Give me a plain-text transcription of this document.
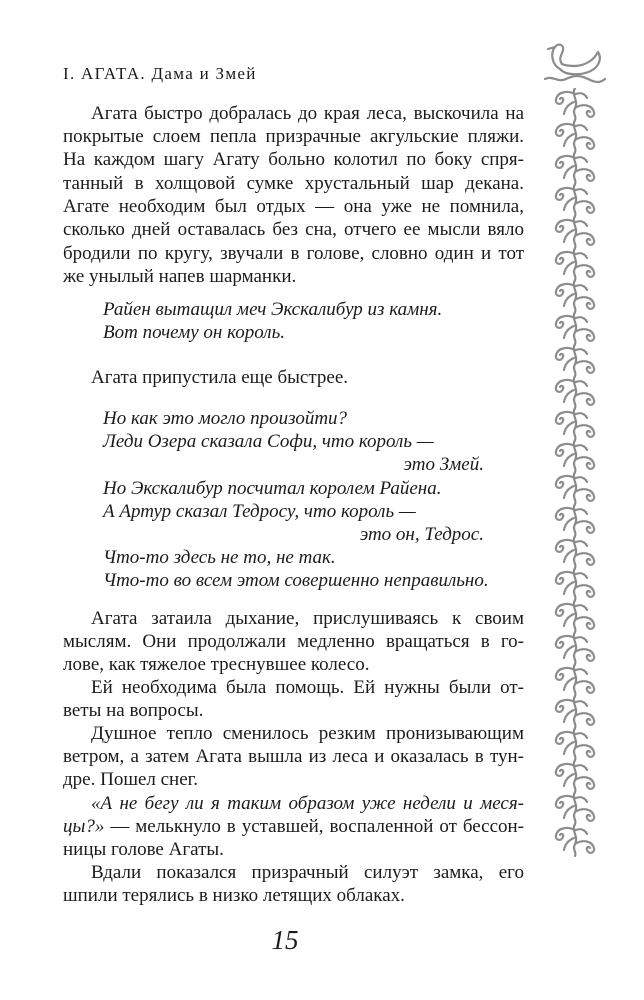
I. АГАТА. Дама и Змей
Агата быстро добралась до края леса, выскочила на
покрытые слоем пепла призрачные акгульские пляжи.
На каждом шагу Агату больно колотил по боку спря-
танный в холщовой сумке хрустальный шар декана.
Агате необходим был отдых — она уже не помнила,
сколько дней оставалась без сна, отчего ее мысли вяло
бродили по кругу, звучали в голове, словно один и тот
же унылый напев шарманки.
Райен вытащил меч Экскалибур из камня.
Вот почему он король.
Агата припустила еще быстрее.
Но как это могло произойти?
Леди Озера сказала Софи, что король —
это Змей.
Но Экскалибур посчитал королем Райена.
А Артур сказал Тедросу, что король —
это он, Тедрос.
Что-то здесь не то, не так.
Что-то во всем этом совершенно неправильно.
Агата затаила дыхание, прислушиваясь к своим
мыслям. Они продолжали медленно вращаться в го-
лове, как тяжелое треснувшее колесо.
Ей необходима была помощь. Ей нужны были от-
веты на вопросы.
Душное тепло сменилось резким пронизывающим
ветром, а затем Агата вышла из леса и оказалась в тун-
дре. Пошел снег.
«А не бегу ли я таким образом уже недели и меся-
цы?» — мелькнуло в уставшей, воспаленной от бессон-
ницы голове Агаты.
Вдали показался призрачный силуэт замка, его
шпили терялись в низко летящих облаках.
15
